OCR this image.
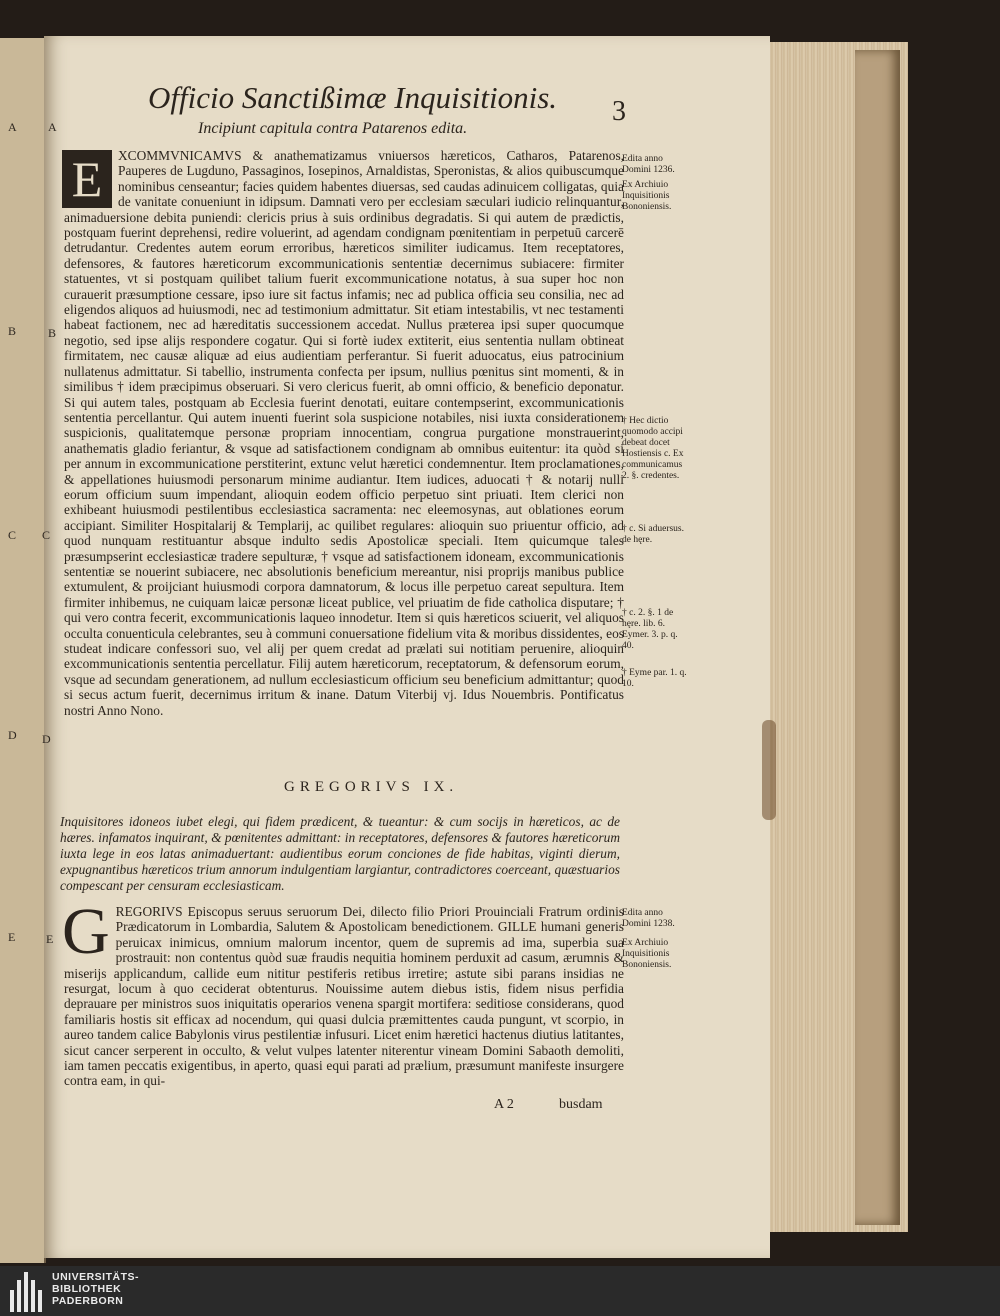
A
B
C
D
E
Officio Sanctißimæ Inquisitionis. 3
Incipiunt capitula contra Patarenos edita.
A
B
C
D
E
E	XCOMMVNICAMVS & anathematizamus vniuersos hæreticos, Catharos, Patarenos, Pauperes de Lugduno, Passaginos, Iosepinos, Arnaldistas, Speronistas, & alios quibuscumque nominibus censeantur; facies quidem habentes diuersas, sed caudas adinuicem colligatas, quia de vanitate conueniunt in idipsum. Damnati vero per ecclesiam sæculari iudicio relinquantur, animaduersione debita puniendi: clericis prius à suis ordinibus degradatis. Si qui autem de prædictis, postquam fuerint deprehensi, redire voluerint, ad agendam condignam pœnitentiam in perpetuū carcerē detrudantur. Credentes autem eorum erroribus, hæreticos similiter iudicamus. Item receptatores, defensores, & fautores hæreticorum excommunicationis sententiæ decernimus subiacere: firmiter statuentes, vt si postquam quilibet talium fuerit excommunicatione notatus, à sua super hoc non curauerit præsumptione cessare, ipso iure sit factus infamis; nec ad publica officia seu consilia, nec ad eligendos aliquos ad huiusmodi, nec ad testimonium admittatur. Sit etiam intestabilis, vt nec testamenti habeat factionem, nec ad hæreditatis successionem accedat. Nullus præterea ipsi super quocumque negotio, sed ipse alijs respondere cogatur. Qui si fortè iudex extiterit, eius sententia nullam obtineat firmitatem, nec causæ aliquæ ad eius audientiam perferantur. Si fuerit aduocatus, eius patrocinium nullatenus admittatur. Si tabellio, instrumenta confecta per ipsum, nullius pœnitus sint momenti, & in similibus † idem præcipimus obseruari. Si vero clericus fuerit, ab omni officio, & beneficio deponatur. Si qui autem tales, postquam ab Ecclesia fuerint denotati, euitare contempserint, excommunicationis sententia percellantur. Qui autem inuenti fuerint sola suspicione notabiles, nisi iuxta considerationem suspicionis, qualitatemque personæ propriam innocentiam, congrua purgatione monstrauerint, anathematis gladio feriantur, & vsque ad satisfactionem condignam ab omnibus euitentur: ita quòd si per annum in excommunicatione perstiterint, extunc velut hæretici condemnentur. Item proclamationes, & appellationes huiusmodi personarum minime audiantur. Item iudices, aduocati † & notarij nulli eorum officium suum impendant, alioquin eodem officio perpetuo sint priuati. Item clerici non exhibeant huiusmodi pestilentibus ecclesiastica sacramenta: nec eleemosynas, aut oblationes eorum accipiant. Similiter Hospitalarij & Templarij, ac quilibet regulares: alioquin suo priuentur officio, ad quod nunquam restituantur absque indulto sedis Apostolicæ speciali. Item quicumque tales præsumpserint ecclesiasticæ tradere sepulturæ, † vsque ad satisfactionem idoneam, excommunicationis sententiæ se nouerint subiacere, nec absolutionis beneficium mereantur, nisi proprijs manibus publice extumulent, & proijciant huiusmodi corpora damnatorum, & locus ille perpetuo careat sepultura. Item firmiter inhibemus, ne cuiquam laicæ personæ liceat publice, vel priuatim de fide catholica disputare; † qui vero contra fecerit, excommunicationis laqueo innodetur. Item si quis hæreticos sciuerit, vel aliquos occulta conuenticula celebrantes, seu à communi conuersatione fidelium vita & moribus dissidentes, eos studeat indicare confessori suo, vel alij per quem credat ad prælati sui notitiam peruenire, alioquin excommunicationis sententia percellatur. Filij autem hæreticorum, receptatorum, & defensorum eorum, vsque ad secundam generationem, ad nullum ecclesiasticum officium seu beneficium admittantur; quod si secus actum fuerit, decernimus irritum & inane. Datum Viterbij vj. Idus Nouembris. Pontificatus nostri Anno Nono.
GREGORIVS IX.
Inquisitores idoneos iubet elegi, qui fidem prædicent, & tueantur: & cum socijs in hæreticos, ac de hæres. infamatos inquirant, & pœnitentes admittant: in receptatores, defensores & fautores hæreticorum iuxta lege in eos latas animaduertant: audientibus eorum conciones de fide habitas, viginti dierum, expugnantibus hæreticos trium annorum indulgentiam largiantur, contradictores coerceant, quæstuarios compescant per censuram ecclesiasticam.
G REGORIVS Episcopus seruus seruorum Dei, dilecto filio Priori Prouinciali Fratrum ordinis Prædicatorum in Lombardia, Salutem & Apostolicam benedictionem. GILLE humani generis peruicax inimicus, omnium malorum incentor, quem de supremis ad ima, superbia sua prostrauit: non contentus quòd suæ fraudis nequitia hominem perduxit ad casum, ærumnis & miserijs applicandum, callide eum nititur pestiferis retibus irretire; astute sibi parans insidias ne resurgat, locum à quo ceciderat obtenturus. Nouissime autem diebus istis, fidem nisus perfidia deprauare per ministros suos iniquitatis operarios venena spargit mortifera: seditiose considerans, quod familiaris hostis sit efficax ad nocendum, qui quasi dulcia præmittentes cauda pungunt, vt scorpio, in aureo tandem calice Babylonis virus pestilentiæ infusuri. Licet enim hæretici hactenus diutius latitantes, sicut cancer serperent in occulto, & velut vulpes latenter niterentur vineam Domini Sabaoth demoliti, iam tamen peccatis exigentibus, in aperto, quasi equi parati ad prælium, præsumunt manifeste insurgere contra eam, in qui-
Edita anno Domini 1236.
Ex Archiuio Inquisitionis Bononiensis.
† Hec dictio quomodo accipi debeat docet Hostiensis c. Ex communicamus 2. §. credentes.
† c. Si aduersus. de hęre.
† c. 2. §. 1 de hęre. lib. 6. Eymer. 3. p. q. 40.
† Eyme par. 1. q. 10.
Edita anno Domini 1238.
Ex Archiuio Inquisitionis Bononiensis.
A 2	busdam
UNIVERSITÄTS-
BIBLIOTHEK
PADERBORN
